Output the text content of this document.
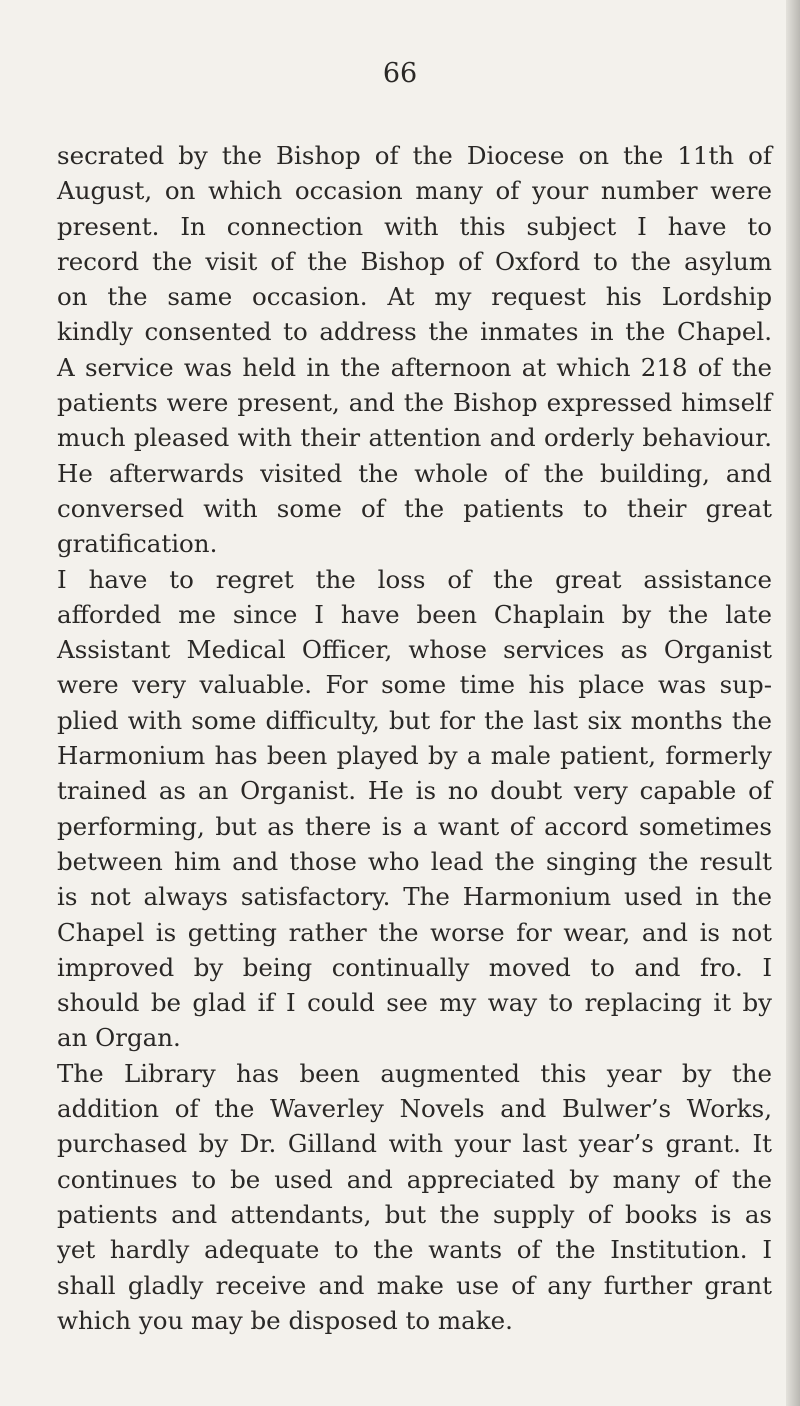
66
secrated by the Bishop of the Diocese on the 11th of
August, on which occasion many of your number were
present. In connection with this subject I have to
record the visit of the Bishop of Oxford to the asylum
on the same occasion. At my request his Lordship
kindly consented to address the inmates in the Chapel.
A service was held in the afternoon at which 218 of the
patients were present, and the Bishop expressed himself
much pleased with their attention and orderly behaviour.
He afterwards visited the whole of the building, and
conversed with some of the patients to their great
gratification.
I have to regret the loss of the great assistance
afforded me since I have been Chaplain by the late
Assistant Medical Officer, whose services as Organist
were very valuable. For some time his place was sup-
plied with some difficulty, but for the last six months the
Harmonium has been played by a male patient, formerly
trained as an Organist. He is no doubt very capable of
performing, but as there is a want of accord sometimes
between him and those who lead the singing the result
is not always satisfactory. The Harmonium used in the
Chapel is getting rather the worse for wear, and is not
improved by being continually moved to and fro. I
should be glad if I could see my way to replacing it by
an Organ.
The Library has been augmented this year by the
addition of the Waverley Novels and Bulwer’s Works,
purchased by Dr. Gilland with your last year’s grant. It
continues to be used and appreciated by many of the
patients and attendants, but the supply of books is as
yet hardly adequate to the wants of the Institution. I
shall gladly receive and make use of any further grant
which you may be disposed to make.
